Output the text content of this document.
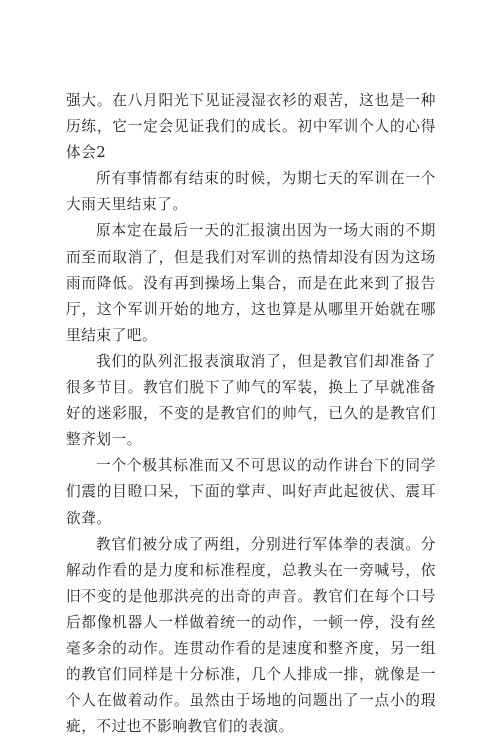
强大。在八月阳光下见证浸湿衣衫的艰苦，这也是一种历练，它一定会见证我们的成长。初中军训个人的心得体会2

所有事情都有结束的时候，为期七天的军训在一个大雨天里结束了。

原本定在最后一天的汇报演出因为一场大雨的不期而至而取消了，但是我们对军训的热情却没有因为这场雨而降低。没有再到操场上集合，而是在此来到了报告厅，这个军训开始的地方，这也算是从哪里开始就在哪里结束了吧。

我们的队列汇报表演取消了，但是教官们却准备了很多节目。教官们脱下了帅气的军装，换上了早就准备好的迷彩服，不变的是教官们的帅气，已久的是教官们整齐划一。

一个个极其标准而又不可思议的动作讲台下的同学们震的目瞪口呆，下面的掌声、叫好声此起彼伏、震耳欲聋。

教官们被分成了两组，分别进行军体拳的表演。分解动作看的是力度和标准程度，总教头在一旁喊号，依旧不变的是他那洪亮的出奇的声音。教官们在每个口号后都像机器人一样做着统一的动作，一顿一停，没有丝毫多余的动作。连贯动作看的是速度和整齐度，另一组的教官们同样是十分标准，几个人排成一排，就像是一个人在做着动作。虽然由于场地的问题出了一点小的瑕疵，不过也不影响教官们的表演。
